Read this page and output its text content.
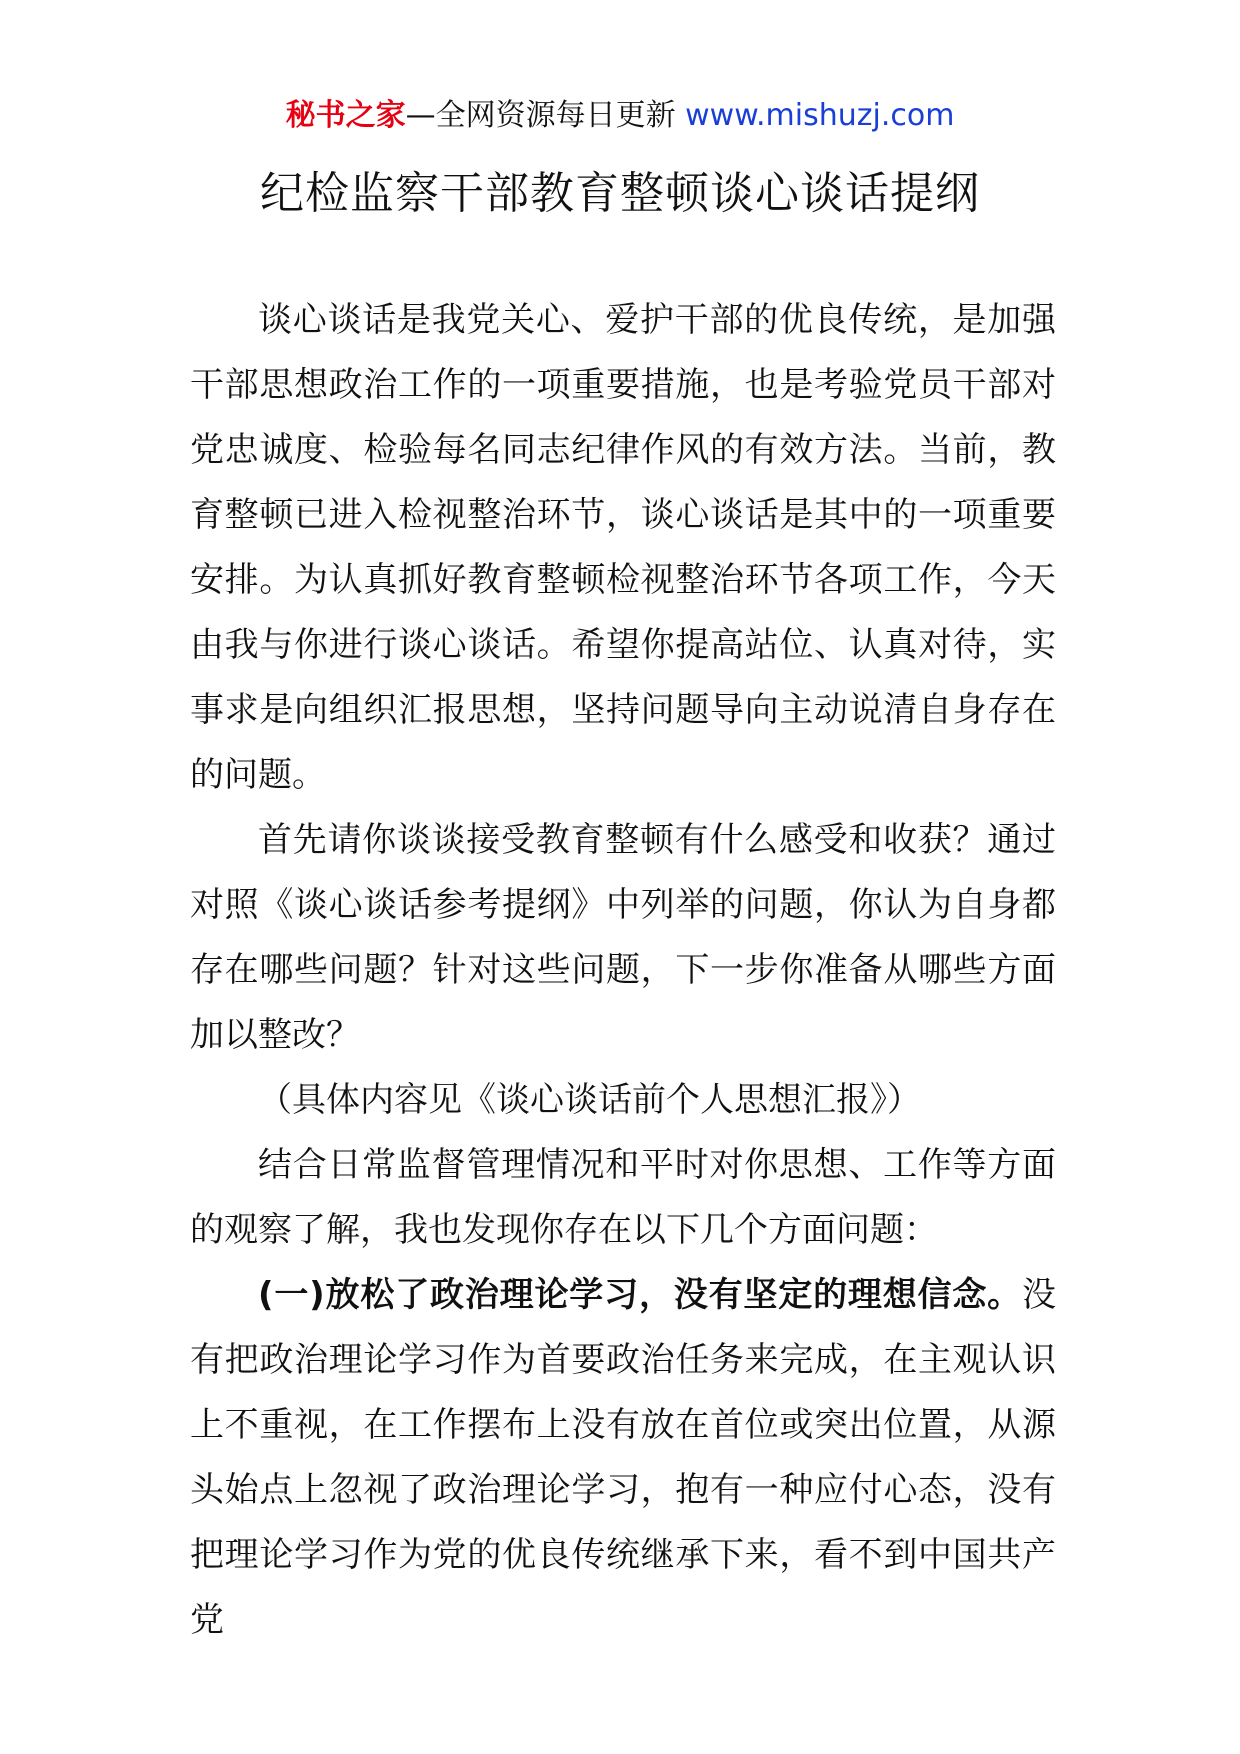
秘书之家—全网资源每日更新 www.mishuzj.com
纪检监察干部教育整顿谈心谈话提纲

谈心谈话是我党关心、爱护干部的优良传统，是加强干部思想政治工作的一项重要措施，也是考验党员干部对党忠诚度、检验每名同志纪律作风的有效方法。当前，教育整顿已进入检视整治环节，谈心谈话是其中的一项重要安排。为认真抓好教育整顿检视整治环节各项工作，今天由我与你进行谈心谈话。希望你提高站位、认真对待，实事求是向组织汇报思想，坚持问题导向主动说清自身存在的问题。

首先请你谈谈接受教育整顿有什么感受和收获？通过对照《谈心谈话参考提纲》中列举的问题，你认为自身都存在哪些问题？针对这些问题，下一步你准备从哪些方面加以整改？

（具体内容见《谈心谈话前个人思想汇报》）

结合日常监督管理情况和平时对你思想、工作等方面的观察了解，我也发现你存在以下几个方面问题：

(一)放松了政治理论学习，没有坚定的理想信念。没有把政治理论学习作为首要政治任务来完成，在主观认识上不重视，在工作摆布上没有放在首位或突出位置，从源头始点上忽视了政治理论学习，抱有一种应付心态，没有把理论学习作为党的优良传统继承下来，看不到中国共产党
